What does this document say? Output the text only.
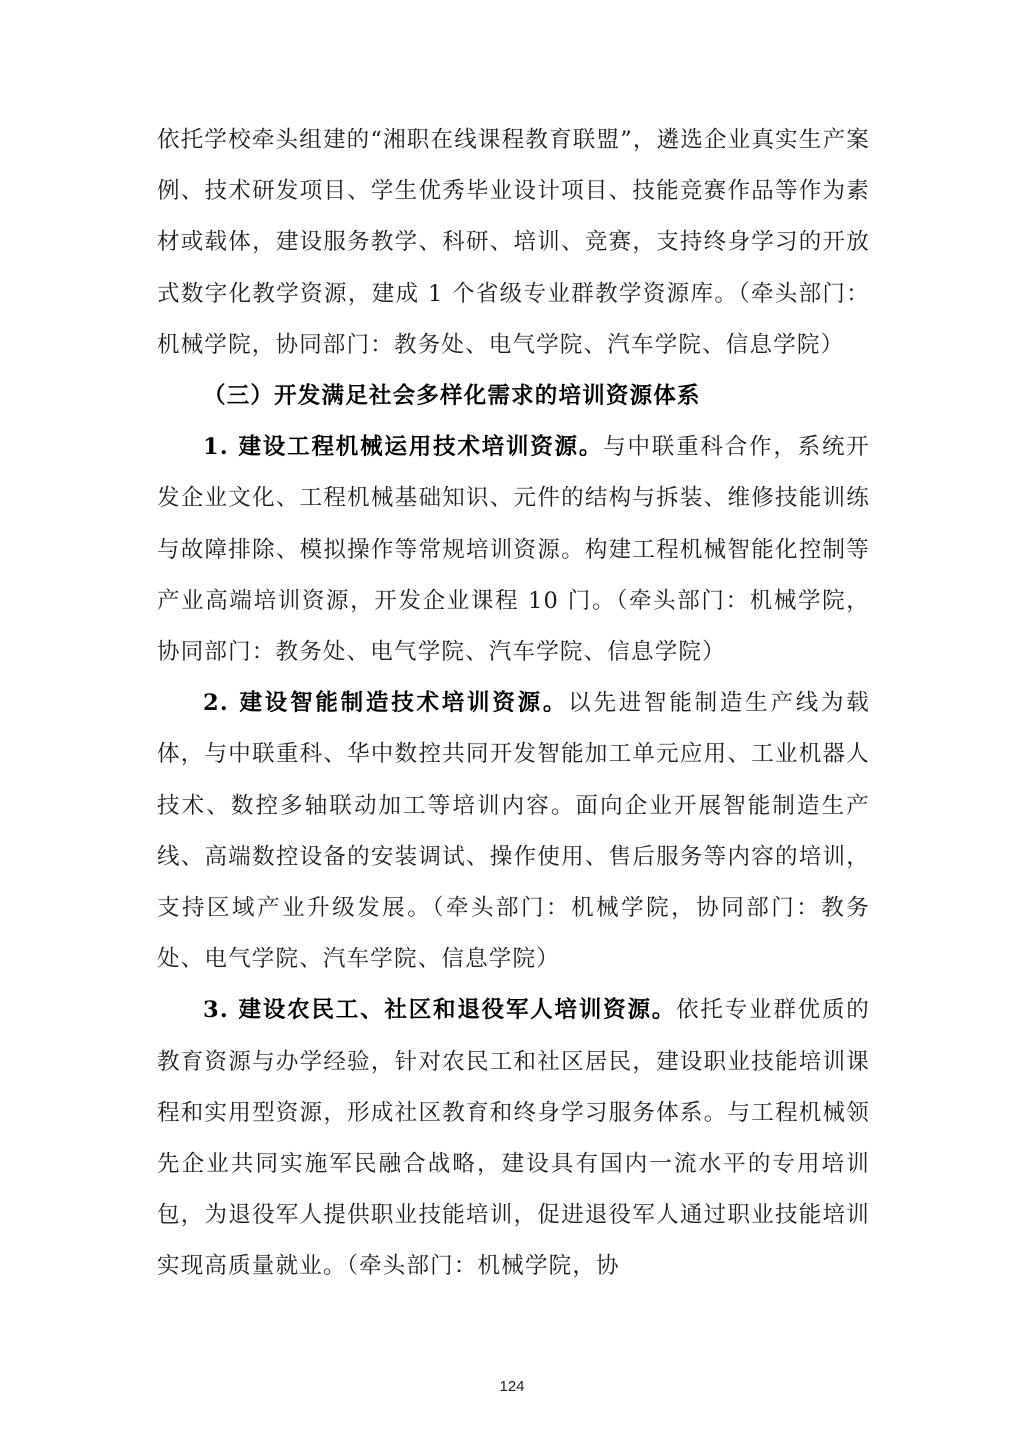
依托学校牵头组建的“湘职在线课程教育联盟”，遴选企业真实生产案例、技术研发项目、学生优秀毕业设计项目、技能竞赛作品等作为素材或载体，建设服务教学、科研、培训、竞赛，支持终身学习的开放式数字化教学资源，建成 1 个省级专业群教学资源库。（牵头部门：机械学院，协同部门：教务处、电气学院、汽车学院、信息学院）

（三）开发满足社会多样化需求的培训资源体系

1. 建设工程机械运用技术培训资源。与中联重科合作，系统开发企业文化、工程机械基础知识、元件的结构与拆装、维修技能训练与故障排除、模拟操作等常规培训资源。构建工程机械智能化控制等产业高端培训资源，开发企业课程 10 门。（牵头部门：机械学院，协同部门：教务处、电气学院、汽车学院、信息学院）

2. 建设智能制造技术培训资源。以先进智能制造生产线为载体，与中联重科、华中数控共同开发智能加工单元应用、工业机器人技术、数控多轴联动加工等培训内容。面向企业开展智能制造生产线、高端数控设备的安装调试、操作使用、售后服务等内容的培训，支持区域产业升级发展。（牵头部门：机械学院，协同部门：教务处、电气学院、汽车学院、信息学院）

3. 建设农民工、社区和退役军人培训资源。依托专业群优质的教育资源与办学经验，针对农民工和社区居民，建设职业技能培训课程和实用型资源，形成社区教育和终身学习服务体系。与工程机械领先企业共同实施军民融合战略，建设具有国内一流水平的专用培训包，为退役军人提供职业技能培训，促进退役军人通过职业技能培训实现高质量就业。（牵头部门：机械学院，协

124
